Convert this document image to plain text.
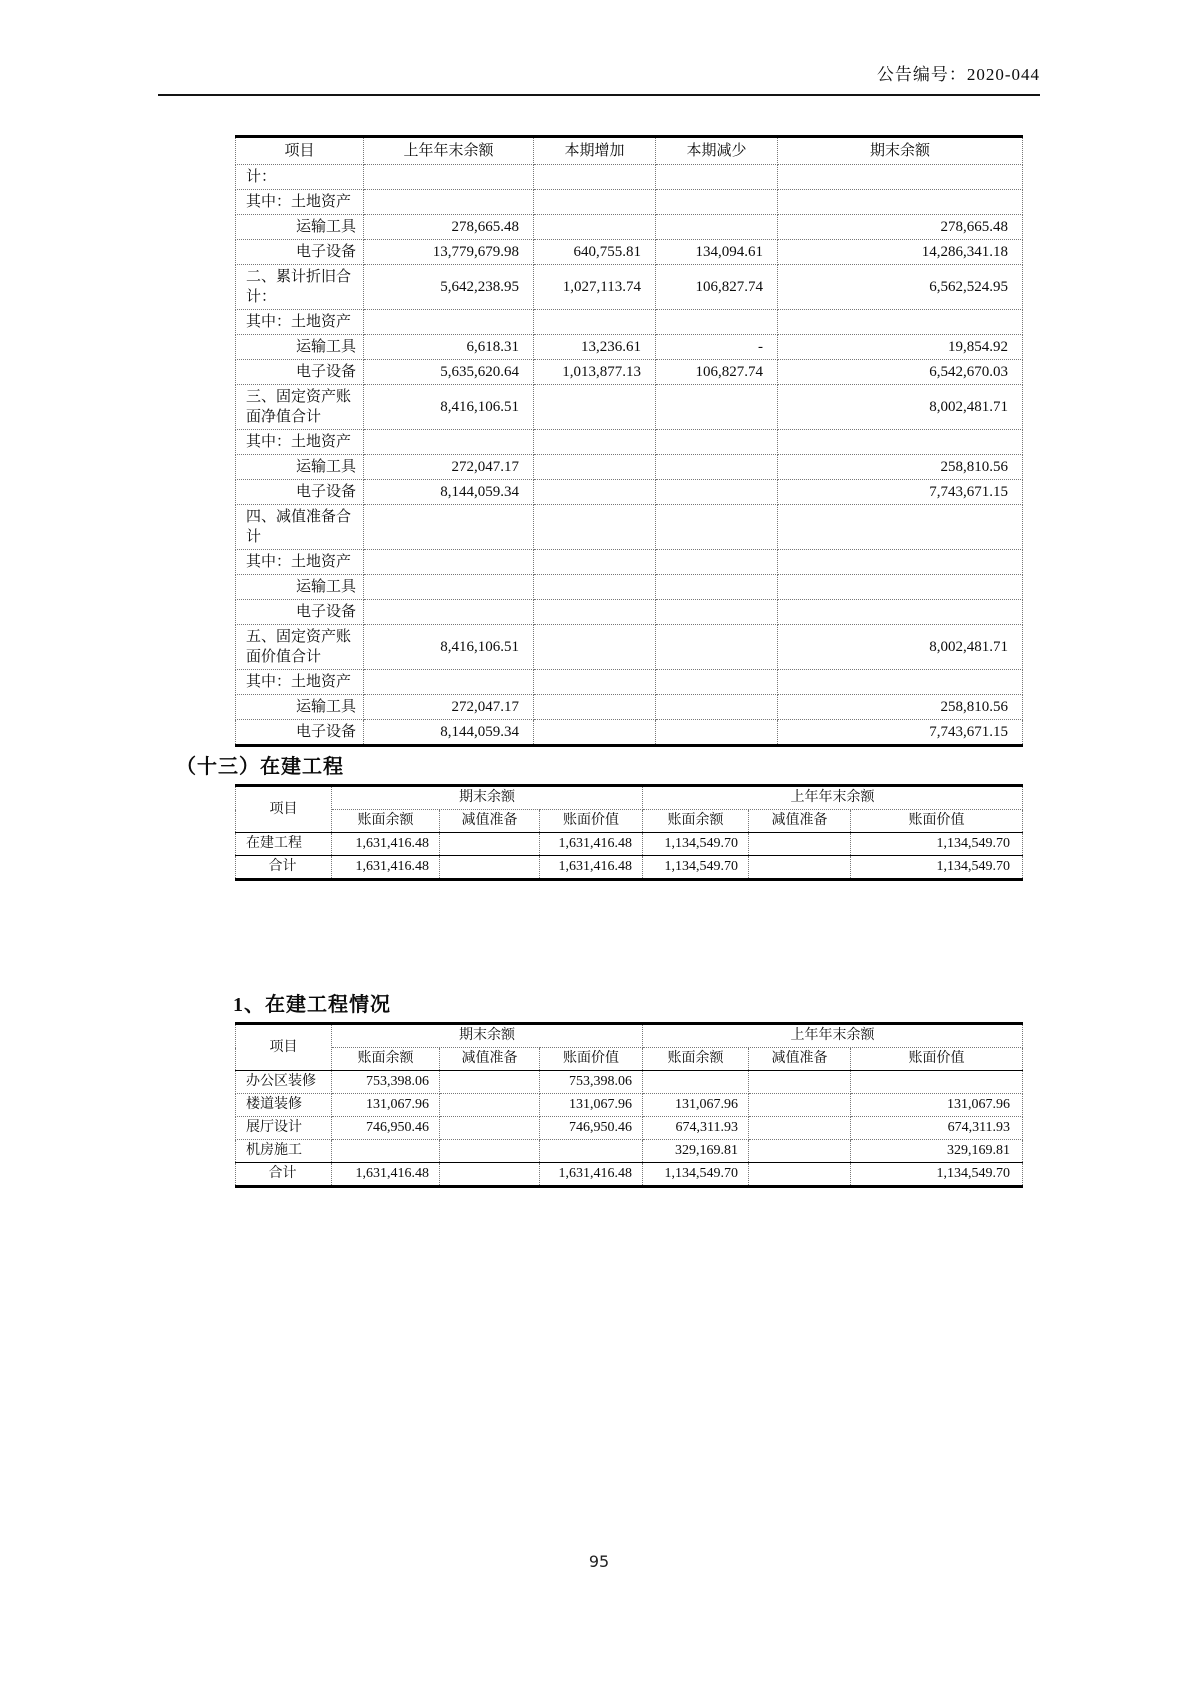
公告编号：2020-044
项目	上年年末余额	本期增加	本期减少	期末余额
计：				
其中：土地资产				
运输工具	278,665.48			278,665.48
电子设备	13,779,679.98	640,755.81	134,094.61	14,286,341.18
二、累计折旧合计：	5,642,238.95	1,027,113.74	106,827.74	6,562,524.95
其中：土地资产				
运输工具	6,618.31	13,236.61	-	19,854.92
电子设备	5,635,620.64	1,013,877.13	106,827.74	6,542,670.03
三、固定资产账面净值合计	8,416,106.51			8,002,481.71
其中：土地资产				
运输工具	272,047.17			258,810.56
电子设备	8,144,059.34			7,743,671.15
四、减值准备合计				
其中：土地资产				
运输工具				
电子设备				
五、固定资产账面价值合计	8,416,106.51			8,002,481.71
其中：土地资产				
运输工具	272,047.17			258,810.56
电子设备	8,144,059.34			7,743,671.15
（十三）在建工程
项目	期末余额			上年年末余额		
	账面余额	减值准备	账面价值	账面余额	减值准备	账面价值
在建工程	1,631,416.48		1,631,416.48	1,134,549.70		1,134,549.70
合计	1,631,416.48		1,631,416.48	1,134,549.70		1,134,549.70
1、在建工程情况
项目	期末余额			上年年末余额		
	账面余额	减值准备	账面价值	账面余额	减值准备	账面价值
办公区装修	753,398.06		753,398.06			
楼道装修	131,067.96		131,067.96	131,067.96		131,067.96
展厅设计	746,950.46		746,950.46	674,311.93		674,311.93
机房施工				329,169.81		329,169.81
合计	1,631,416.48		1,631,416.48	1,134,549.70		1,134,549.70
95
